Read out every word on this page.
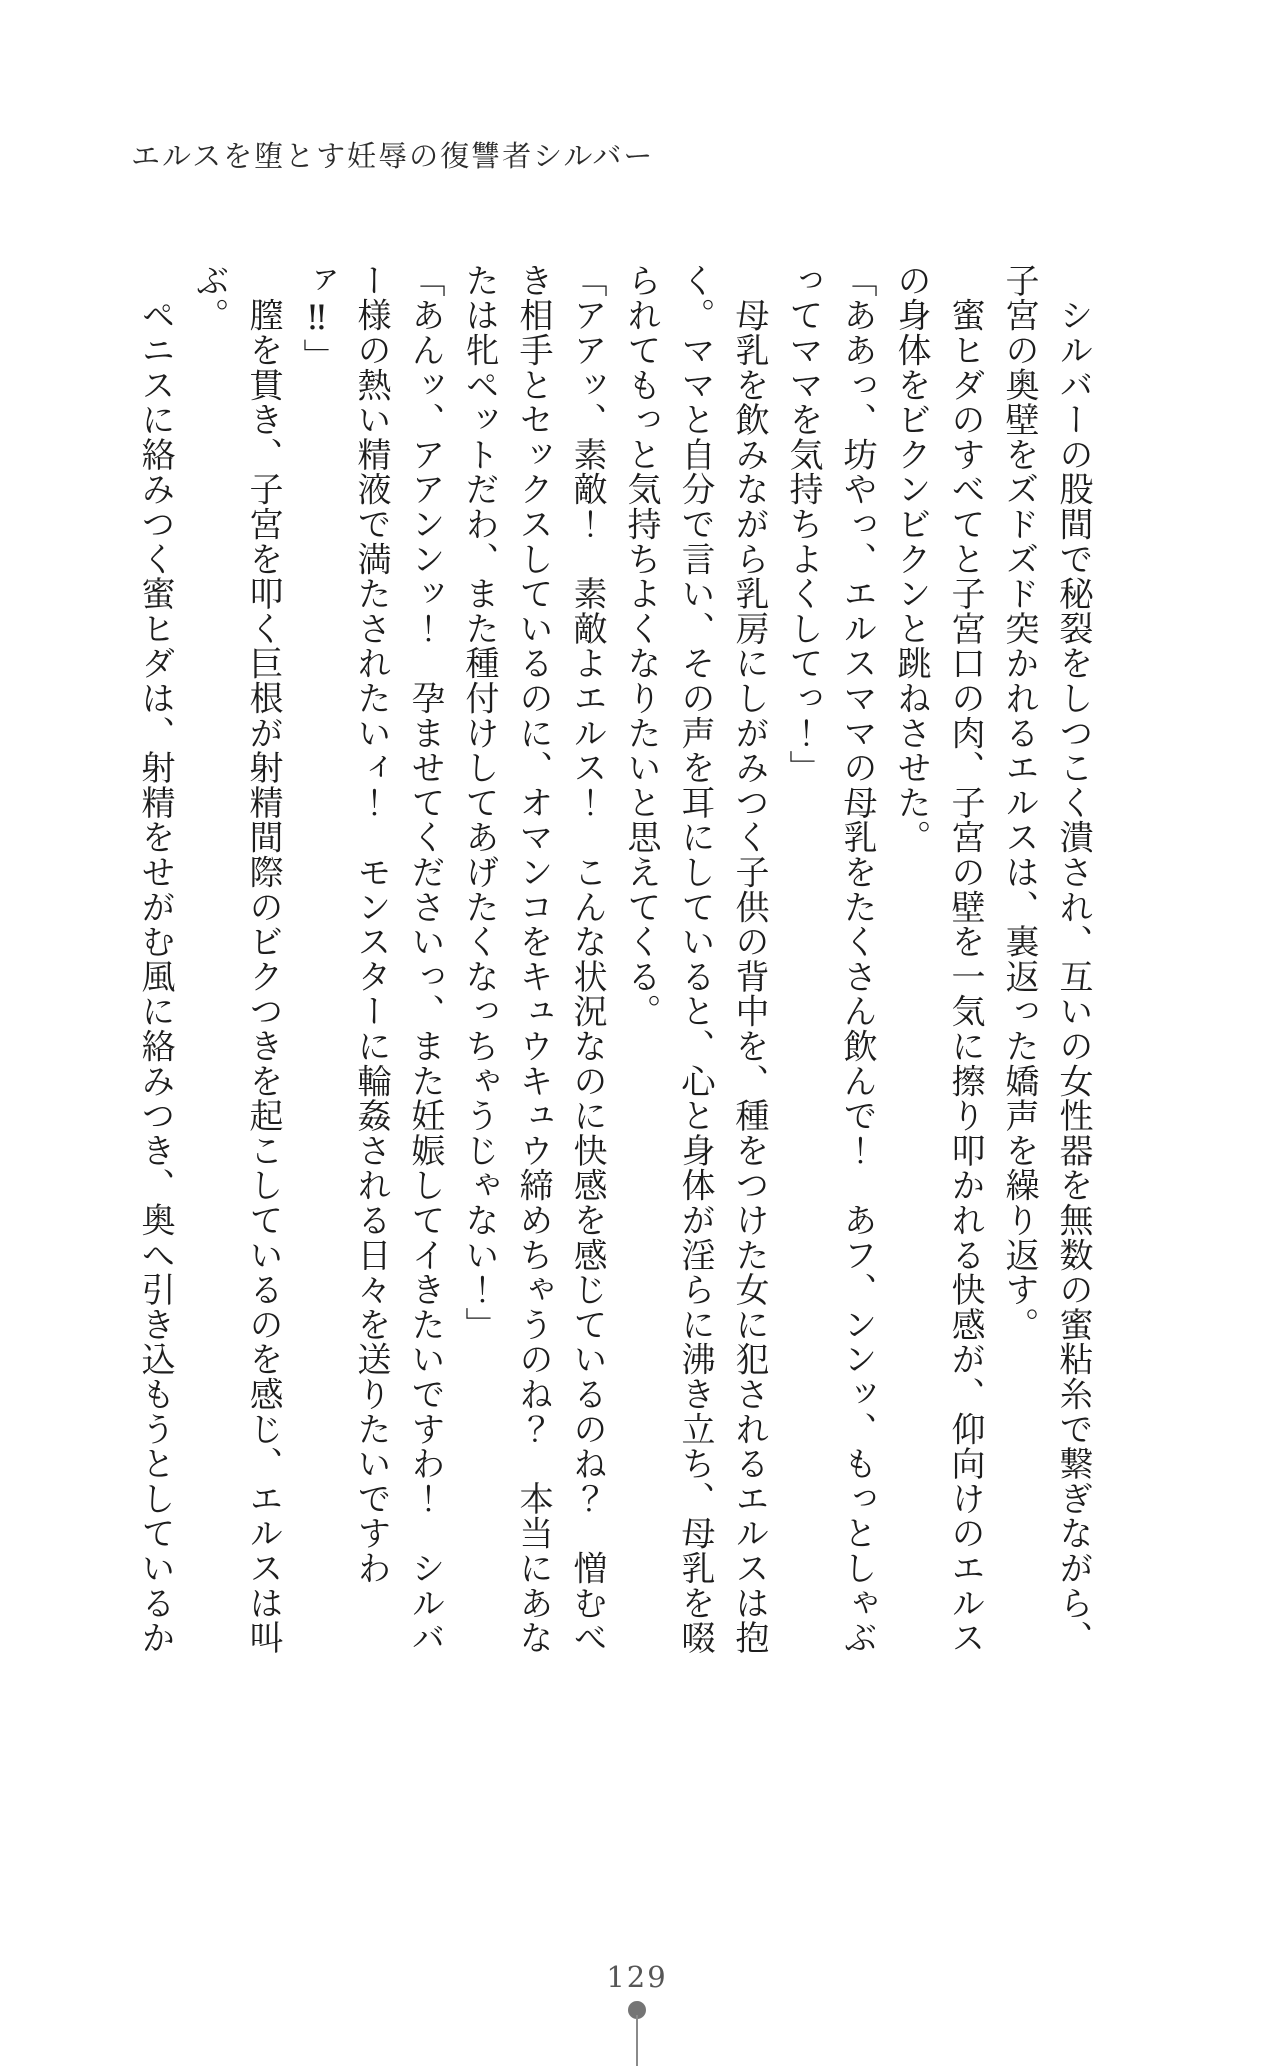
エルスを堕とす妊辱の復讐者シルバー

　シルバーの股間で秘裂をしつこく潰され、互いの女性器を無数の蜜粘糸で繋ぎながら、

子宮の奥壁をズドズド突かれるエルスは、裏返った嬌声を繰り返す。

　蜜ヒダのすべてと子宮口の肉、子宮の壁を一気に擦り叩かれる快感が、仰向けのエルス

の身体をビクンビクンと跳ねさせた。

「ああっ、坊やっ、エルスママの母乳をたくさん飲んで！　あフ、ンンッ、もっとしゃぶ

ってママを気持ちよくしてっ！」

　母乳を飲みながら乳房にしがみつく子供の背中を、種をつけた女に犯されるエルスは抱

く。ママと自分で言い、その声を耳にしていると、心と身体が淫らに沸き立ち、母乳を啜

られてもっと気持ちよくなりたいと思えてくる。

「アアッ、素敵！　素敵よエルス！　こんな状況なのに快感を感じているのね？　憎むべ

き相手とセックスしているのに、オマンコをキュウキュウ締めちゃうのね？　本当にあな

たは牝ペットだわ、また種付けしてあげたくなっちゃうじゃない！」

「あんッ、アアンンッ！　孕ませてくださいっ、また妊娠してイきたいですわ！　シルバ

ー様の熱い精液で満たされたいィ！　モンスターに輪姦される日々を送りたいですわ

ァ‼」

　膣を貫き、子宮を叩く巨根が射精間際のビクつきを起こしているのを感じ、エルスは叫

ぶ。

　ペニスに絡みつく蜜ヒダは、射精をせがむ風に絡みつき、奥へ引き込もうとしているか

129
